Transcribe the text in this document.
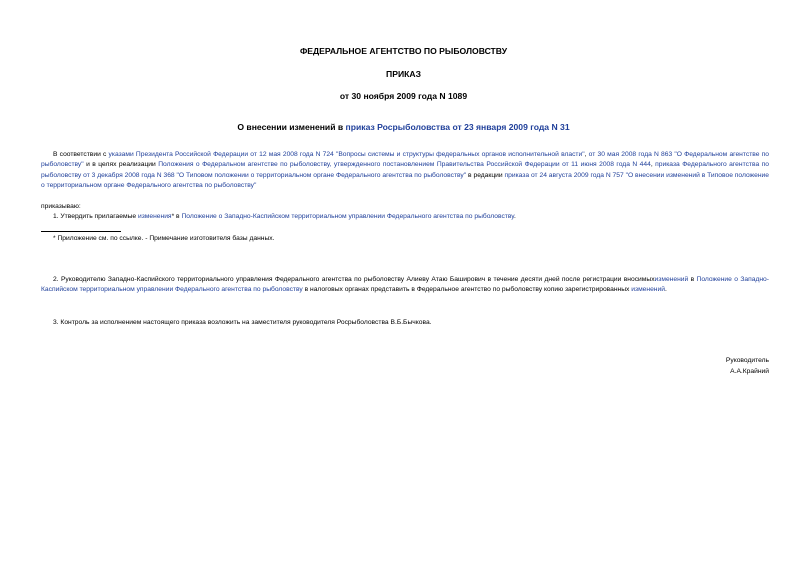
ФЕДЕРАЛЬНОЕ АГЕНТСТВО ПО РЫБОЛОВСТВУ
ПРИКАЗ
от 30 ноября 2009 года N 1089
О внесении изменений в приказ Росрыболовства от 23 января 2009 года N 31
В соответствии с указами Президента Российской Федерации от 12 мая 2008 года N 724 "Вопросы системы и структуры федеральных органов исполнительной власти", от 30 мая 2008 года N 863 "О Федеральном агентстве по рыболовству" и в целях реализации Положения о Федеральном агентстве по рыболовству, утвержденного постановлением Правительства Российской Федерации от 11 июня 2008 года N 444, приказа Федерального агентства по рыболовству от 3 декабря 2008 года N 368 "О Типовом положении о территориальном органе Федерального агентства по рыболовству" в редакции приказа от 24 августа 2009 года N 757 "О внесении изменений в Типовое положение о территориальном органе Федерального агентства по рыболовству"
приказываю:
1. Утвердить прилагаемые изменения* в Положение о Западно-Каспийском территориальном управлении Федерального агентства по рыболовству.
* Приложение см. по ссылке. - Примечание изготовителя базы данных.
2. Руководителю Западно-Каспийского территориального управления Федерального агентства по рыболовству Алиеву Атаю Баширович в течение десяти дней после регистрации вносимыхизменений в Положение о Западно-Каспийском территориальном управлении Федерального агентства по рыболовству в налоговых органах представить в Федеральное агентство по рыболовству копию зарегистрированных изменений.
3. Контроль за исполнением настоящего приказа возложить на заместителя руководителя Росрыболовства В.Б.Бычкова.
Руководитель
А.А.Крайний
